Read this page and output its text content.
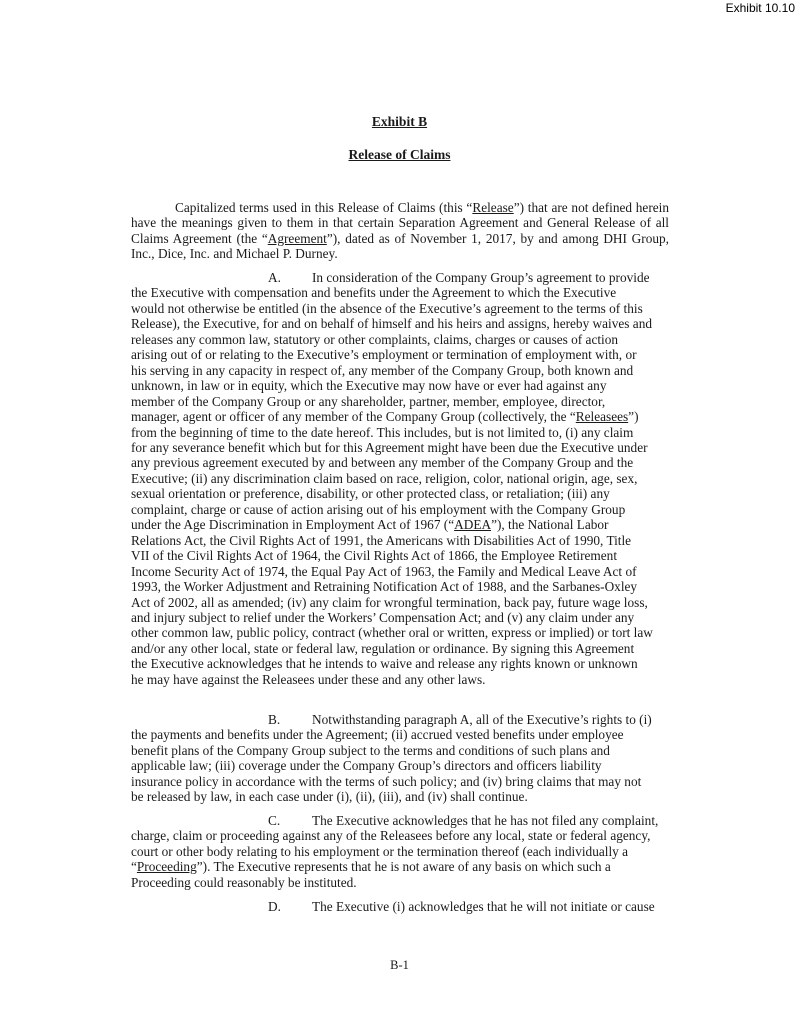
Exhibit 10.10
Exhibit B
Release of Claims

Capitalized terms used in this Release of Claims (this “Release”) that are not defined herein have the meanings given to them in that certain Separation Agreement and General Release of all Claims Agreement (the “Agreement”), dated as of November 1, 2017, by and among DHI Group, Inc., Dice, Inc. and Michael P. Durney.

A. In consideration of the Company Group’s agreement to provide
the Executive with compensation and benefits under the Agreement to which the Executive
would not otherwise be entitled (in the absence of the Executive’s agreement to the terms of this
Release), the Executive, for and on behalf of himself and his heirs and assigns, hereby waives and
releases any common law, statutory or other complaints, claims, charges or causes of action
arising out of or relating to the Executive’s employment or termination of employment with, or
his serving in any capacity in respect of, any member of the Company Group, both known and
unknown, in law or in equity, which the Executive may now have or ever had against any
member of the Company Group or any shareholder, partner, member, employee, director,
manager, agent or officer of any member of the Company Group (collectively, the “Releasees”)
from the beginning of time to the date hereof. This includes, but is not limited to, (i) any claim
for any severance benefit which but for this Agreement might have been due the Executive under
any previous agreement executed by and between any member of the Company Group and the
Executive; (ii) any discrimination claim based on race, religion, color, national origin, age, sex,
sexual orientation or preference, disability, or other protected class, or retaliation; (iii) any
complaint, charge or cause of action arising out of his employment with the Company Group
under the Age Discrimination in Employment Act of 1967 (“ADEA”), the National Labor
Relations Act, the Civil Rights Act of 1991, the Americans with Disabilities Act of 1990, Title
VII of the Civil Rights Act of 1964, the Civil Rights Act of 1866, the Employee Retirement
Income Security Act of 1974, the Equal Pay Act of 1963, the Family and Medical Leave Act of
1993, the Worker Adjustment and Retraining Notification Act of 1988, and the Sarbanes-Oxley
Act of 2002, all as amended; (iv) any claim for wrongful termination, back pay, future wage loss,
and injury subject to relief under the Workers’ Compensation Act; and (v) any claim under any
other common law, public policy, contract (whether oral or written, express or implied) or tort law
and/or any other local, state or federal law, regulation or ordinance. By signing this Agreement
the Executive acknowledges that he intends to waive and release any rights known or unknown
he may have against the Releasees under these and any other laws.
B. Notwithstanding paragraph A, all of the Executive’s rights to (i)
the payments and benefits under the Agreement; (ii) accrued vested benefits under employee
benefit plans of the Company Group subject to the terms and conditions of such plans and
applicable law; (iii) coverage under the Company Group’s directors and officers liability
insurance policy in accordance with the terms of such policy; and (iv) bring claims that may not
be released by law, in each case under (i), (ii), (iii), and (iv) shall continue.
C. The Executive acknowledges that he has not filed any complaint,
charge, claim or proceeding against any of the Releasees before any local, state or federal agency,
court or other body relating to his employment or the termination thereof (each individually a
“Proceeding”). The Executive represents that he is not aware of any basis on which such a
Proceeding could reasonably be instituted.
D. The Executive (i) acknowledges that he will not initiate or cause
B-1
